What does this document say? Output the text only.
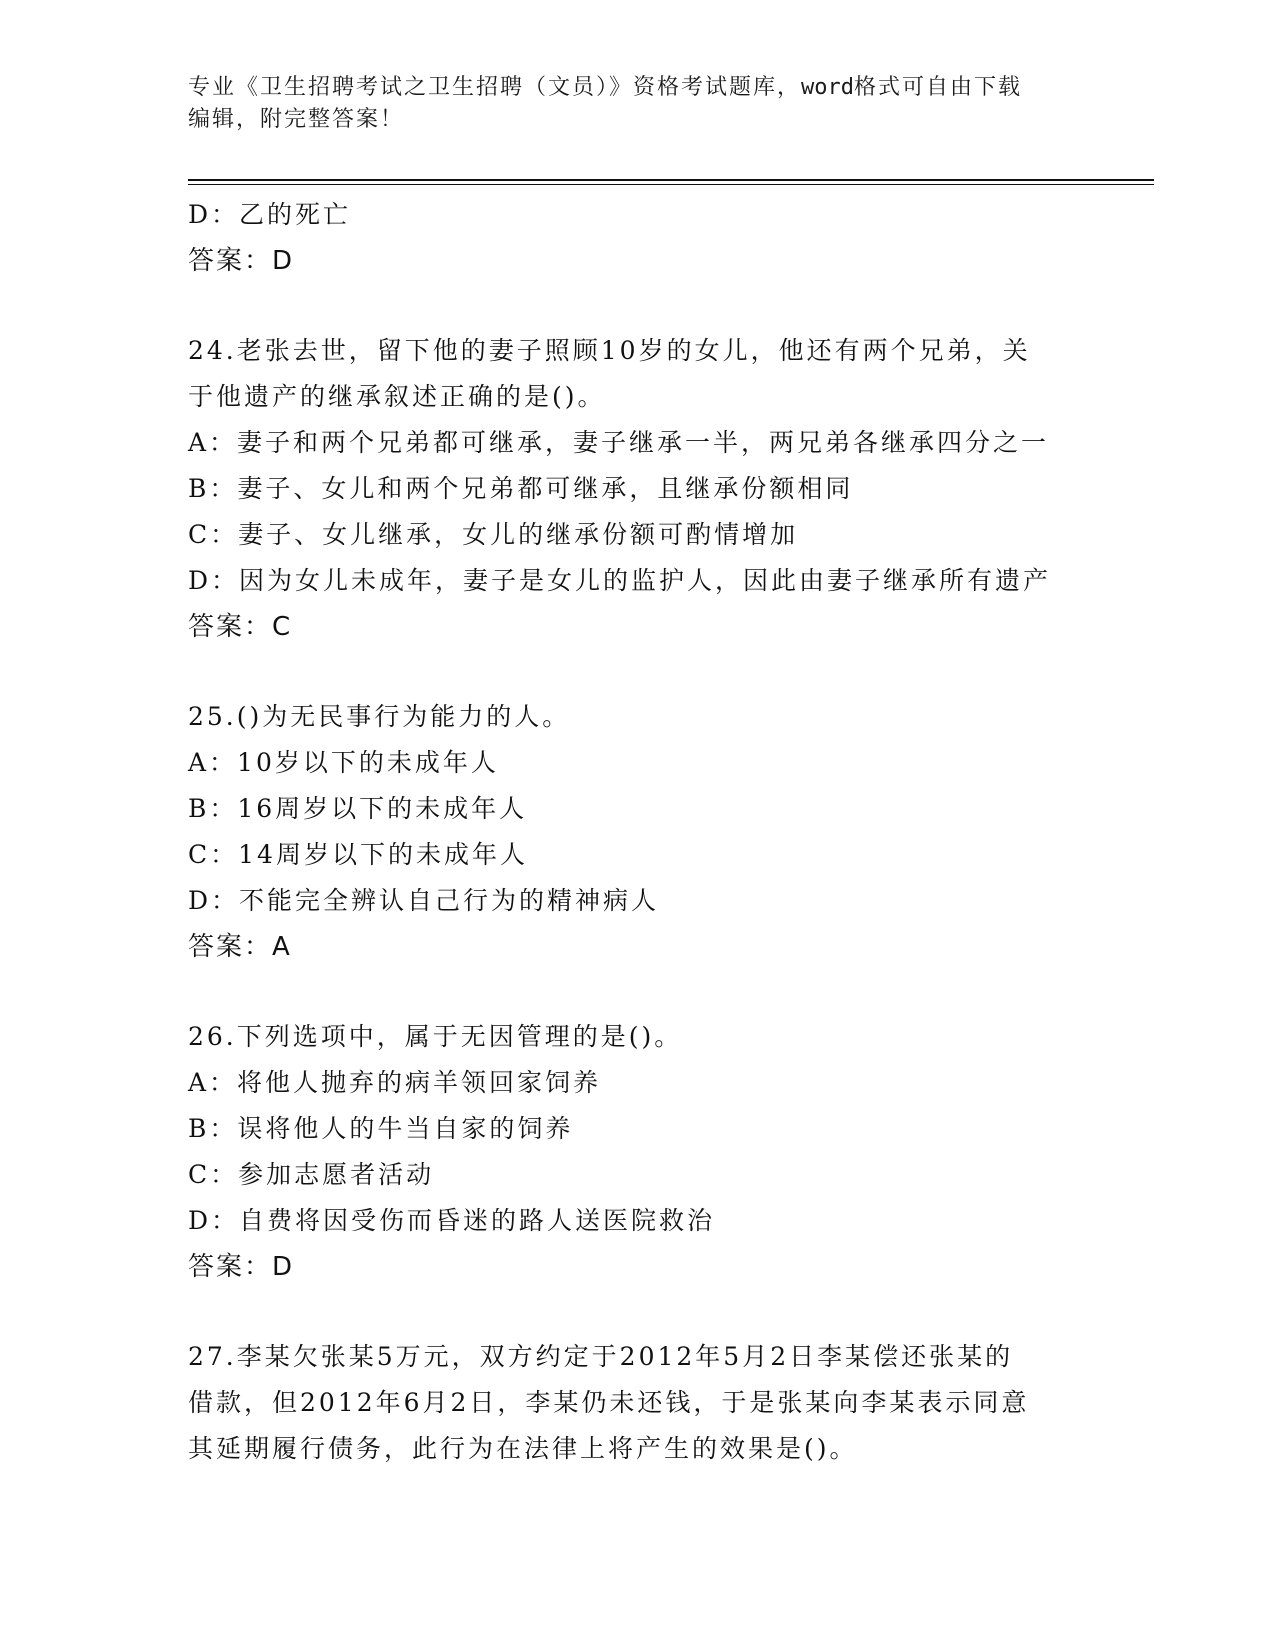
专业《卫生招聘考试之卫生招聘（文员）》资格考试题库，word格式可自由下载
编辑，附完整答案！
D：乙的死亡
答案：D
24.老张去世，留下他的妻子照顾10岁的女儿，他还有两个兄弟，关
于他遗产的继承叙述正确的是()。
A：妻子和两个兄弟都可继承，妻子继承一半，两兄弟各继承四分之一
B：妻子、女儿和两个兄弟都可继承，且继承份额相同
C：妻子、女儿继承，女儿的继承份额可酌情增加
D：因为女儿未成年，妻子是女儿的监护人，因此由妻子继承所有遗产
答案：C
25.()为无民事行为能力的人。
A：10岁以下的未成年人
B：16周岁以下的未成年人
C：14周岁以下的未成年人
D：不能完全辨认自己行为的精神病人
答案：A
26.下列选项中，属于无因管理的是()。
A：将他人抛弃的病羊领回家饲养
B：误将他人的牛当自家的饲养
C：参加志愿者活动
D：自费将因受伤而昏迷的路人送医院救治
答案：D
27.李某欠张某5万元，双方约定于2012年5月2日李某偿还张某的
借款，但2012年6月2日，李某仍未还钱，于是张某向李某表示同意
其延期履行债务，此行为在法律上将产生的效果是()。
